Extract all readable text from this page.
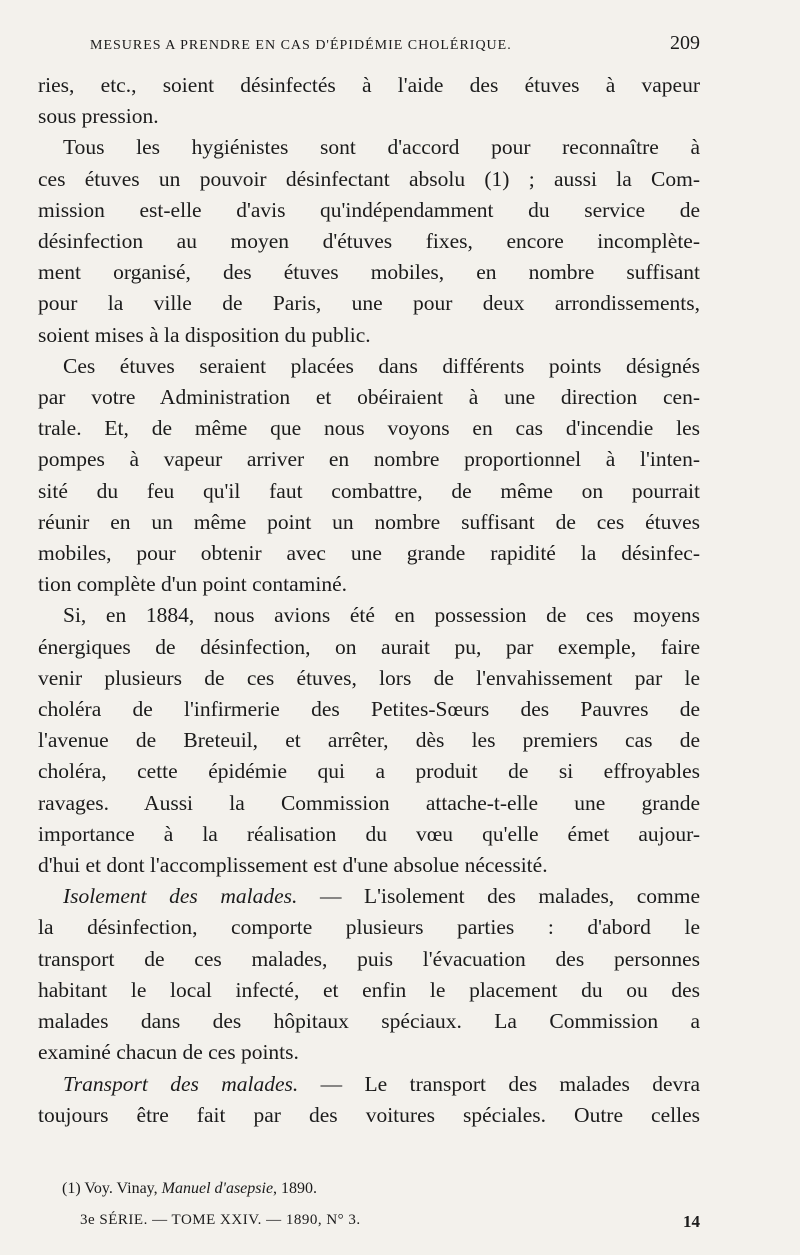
MESURES A PRENDRE EN CAS D'ÉPIDÉMIE CHOLÉRIQUE.	209

ries, etc., soient désinfectés à l'aide des étuves à vapeur
sous pression.

Tous les hygiénistes sont d'accord pour reconnaître à
ces étuves un pouvoir désinfectant absolu (1) ; aussi la Com-
mission est-elle d'avis qu'indépendamment du service de
désinfection au moyen d'étuves fixes, encore incomplète-
ment organisé, des étuves mobiles, en nombre suffisant
pour la ville de Paris, une pour deux arrondissements,
soient mises à la disposition du public.

Ces étuves seraient placées dans différents points désignés
par votre Administration et obéiraient à une direction cen-
trale. Et, de même que nous voyons en cas d'incendie les
pompes à vapeur arriver en nombre proportionnel à l'inten-
sité du feu qu'il faut combattre, de même on pourrait
réunir en un même point un nombre suffisant de ces étuves
mobiles, pour obtenir avec une grande rapidité la désinfec-
tion complète d'un point contaminé.

Si, en 1884, nous avions été en possession de ces moyens
énergiques de désinfection, on aurait pu, par exemple, faire
venir plusieurs de ces étuves, lors de l'envahissement par le
choléra de l'infirmerie des Petites-Sœurs des Pauvres de
l'avenue de Breteuil, et arrêter, dès les premiers cas de
choléra, cette épidémie qui a produit de si effroyables
ravages. Aussi la Commission attache-t-elle une grande
importance à la réalisation du vœu qu'elle émet aujour-
d'hui et dont l'accomplissement est d'une absolue nécessité.

Isolement des malades. — L'isolement des malades, comme
la désinfection, comporte plusieurs parties : d'abord le
transport de ces malades, puis l'évacuation des personnes
habitant le local infecté, et enfin le placement du ou des
malades dans des hôpitaux spéciaux. La Commission a
examiné chacun de ces points.

Transport des malades. — Le transport des malades devra
toujours être fait par des voitures spéciales. Outre celles

(1) Voy. Vinay, Manuel d'asepsie, 1890.
3e SÉRIE. — TOME XXIV. — 1890, N° 3.	14
